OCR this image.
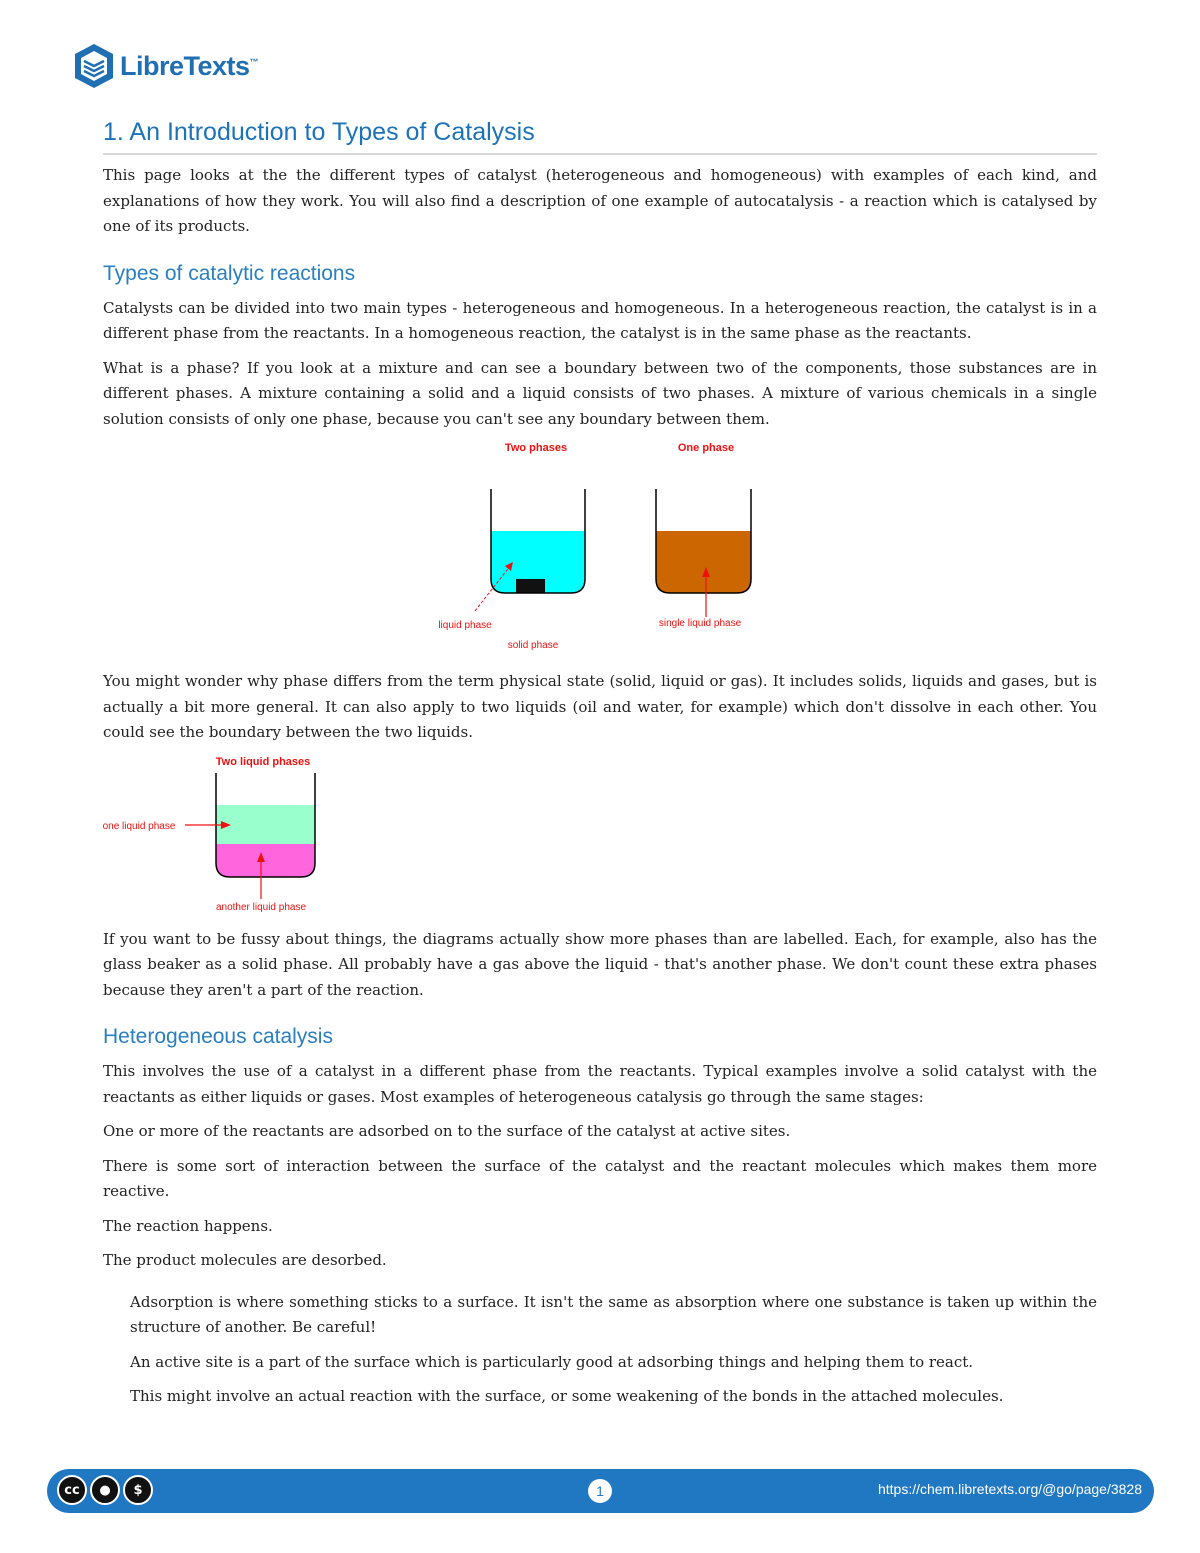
LibreTexts™
1. An Introduction to Types of Catalysis

This page looks at the the different types of catalyst (heterogeneous and homogeneous) with examples of each kind, and explanations of how they work. You will also find a description of one example of autocatalysis - a reaction which is catalysed by one of its products.

Types of catalytic reactions

Catalysts can be divided into two main types - heterogeneous and homogeneous. In a heterogeneous reaction, the catalyst is in a different phase from the reactants. In a homogeneous reaction, the catalyst is in the same phase as the reactants.

What is a phase? If you look at a mixture and can see a boundary between two of the components, those substances are in different phases. A mixture containing a solid and a liquid consists of two phases. A mixture of various chemicals in a single solution consists of only one phase, because you can't see any boundary between them.

Two phases	One phase
liquid phase
solid phase
single liquid phase

You might wonder why phase differs from the term physical state (solid, liquid or gas). It includes solids, liquids and gases, but is actually a bit more general. It can also apply to two liquids (oil and water, for example) which don't dissolve in each other. You could see the boundary between the two liquids.

Two liquid phases
one liquid phase
another liquid phase

If you want to be fussy about things, the diagrams actually show more phases than are labelled. Each, for example, also has the glass beaker as a solid phase. All probably have a gas above the liquid - that's another phase. We don't count these extra phases because they aren't a part of the reaction.

Heterogeneous catalysis

This involves the use of a catalyst in a different phase from the reactants. Typical examples involve a solid catalyst with the reactants as either liquids or gases. Most examples of heterogeneous catalysis go through the same stages:

One or more of the reactants are adsorbed on to the surface of the catalyst at active sites.

There is some sort of interaction between the surface of the catalyst and the reactant molecules which makes them more reactive.

The reaction happens.

The product molecules are desorbed.

Adsorption is where something sticks to a surface. It isn't the same as absorption where one substance is taken up within the structure of another. Be careful!

An active site is a part of the surface which is particularly good at adsorbing things and helping them to react.

This might involve an actual reaction with the surface, or some weakening of the bonds in the attached molecules.

cc	●	$	1	https://chem.libretexts.org/@go/page/3828
